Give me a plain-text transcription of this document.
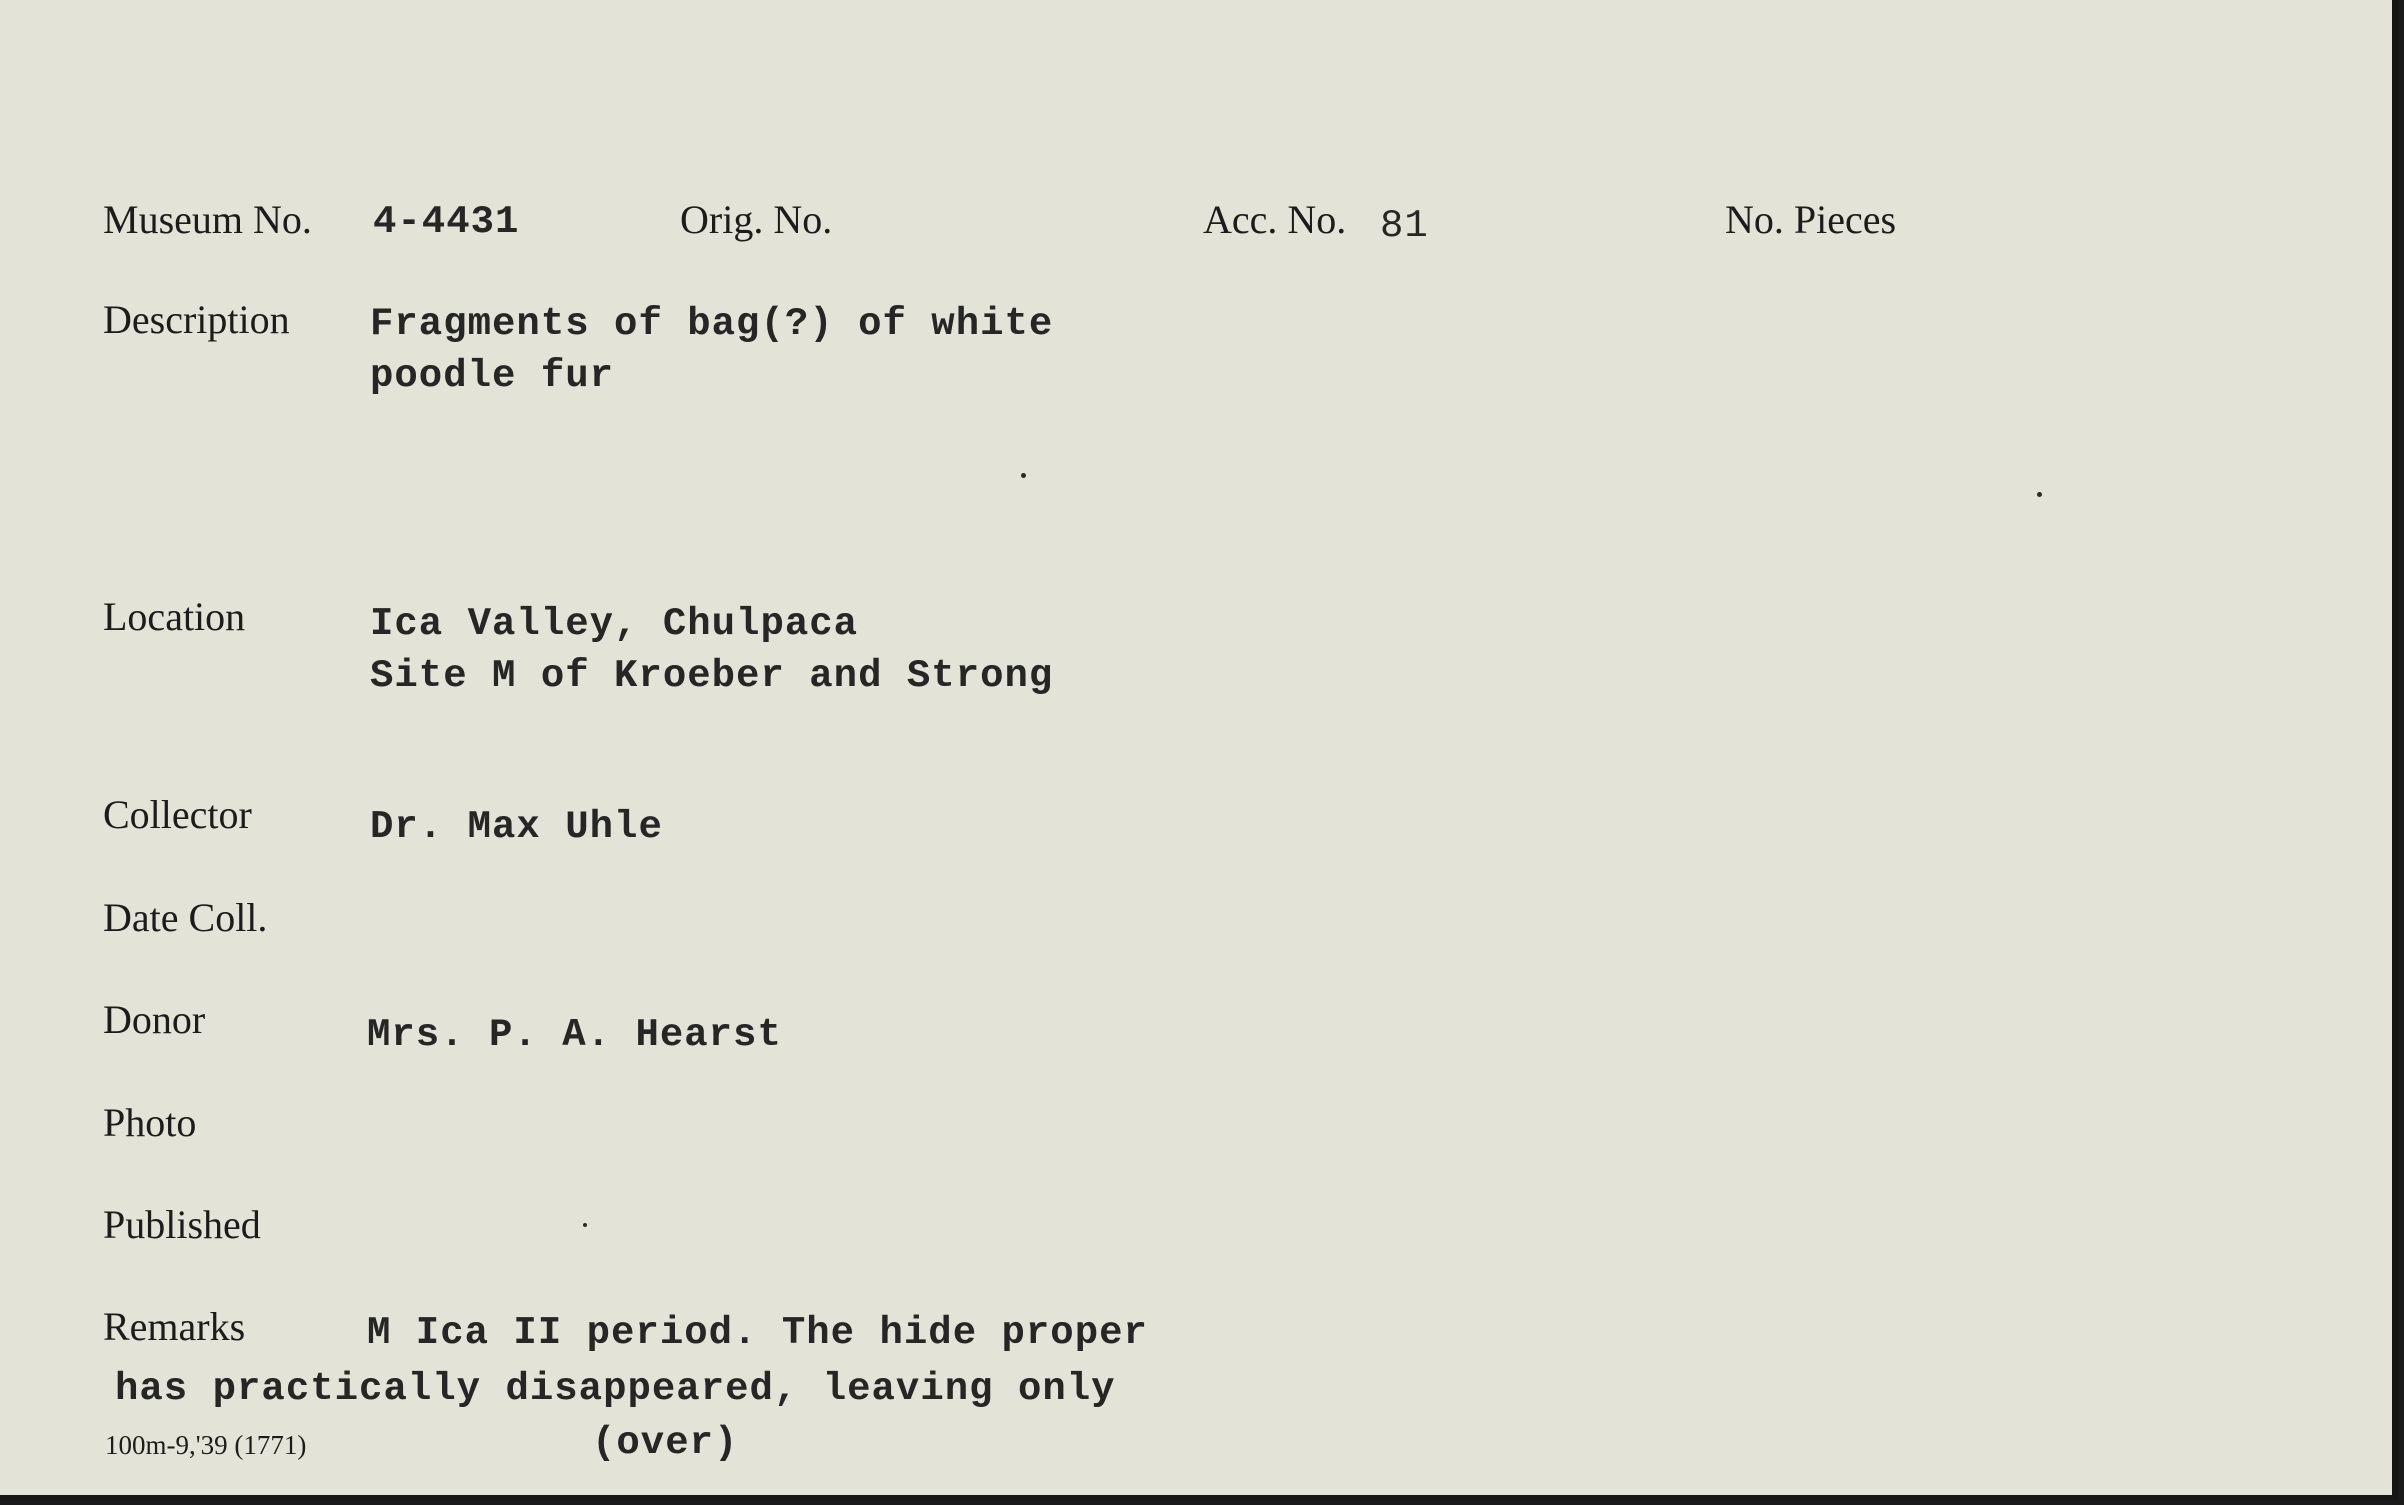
Museum No. 4-4431	Orig. No.	Acc. No. 81	No. Pieces
Description Fragments of bag(?) of white
poodle fur
Location	Ica Valley, Chulpaca
Site M of Kroeber and Strong
Collector	Dr. Max Uhle
Date Coll.
Donor	Mrs. P. A. Hearst
Photo
Published
Remarks	M Ica II period. The hide proper
has practically disappeared, leaving only
(over)
100m-9,'39 (1771)
